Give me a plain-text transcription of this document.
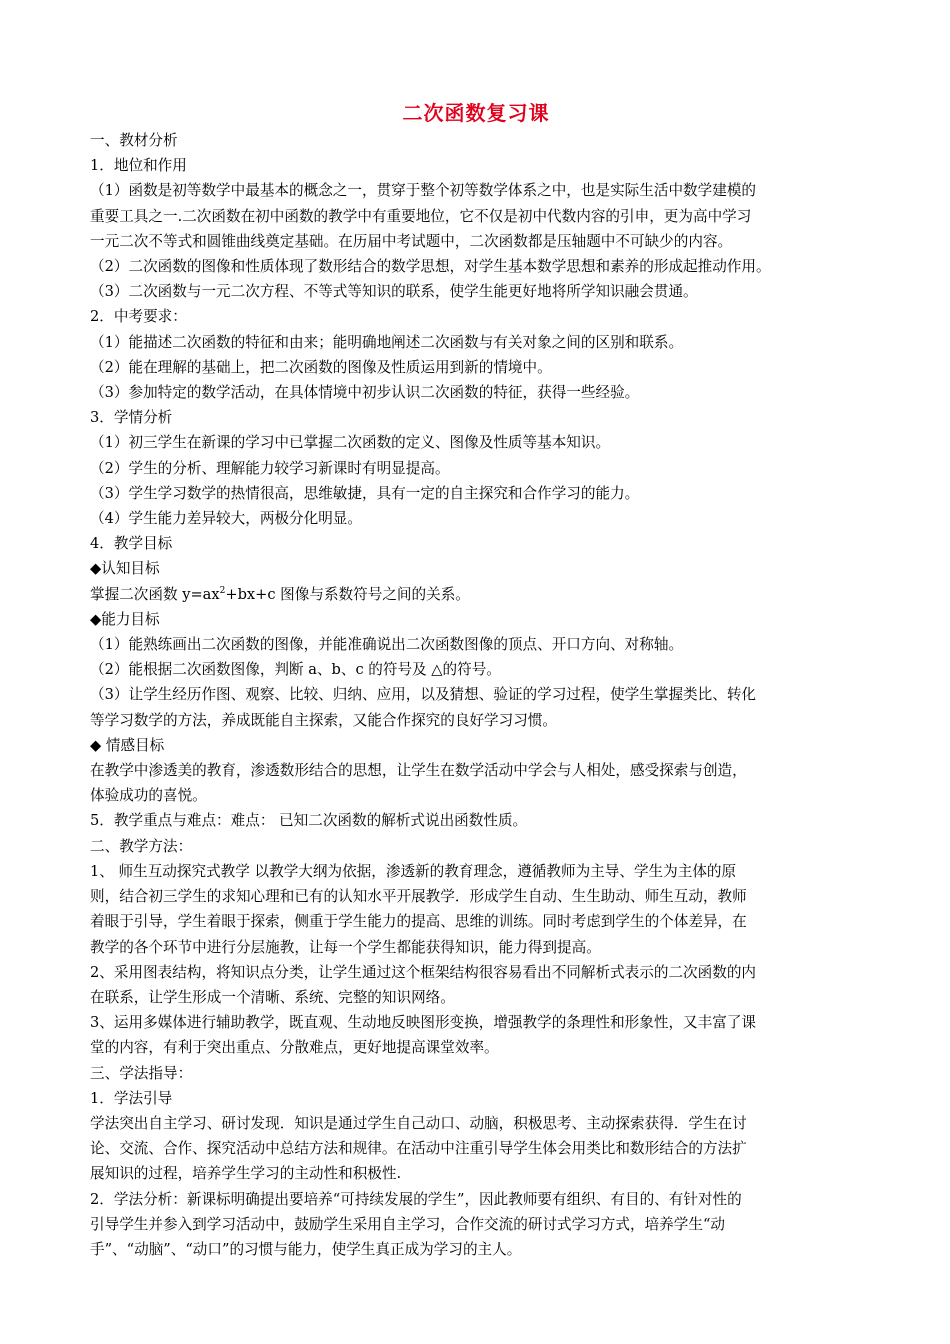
二次函数复习课
一、教材分析
1．地位和作用
（1）函数是初等数学中最基本的概念之一，贯穿于整个初等数学体系之中，也是实际生活中数学建模的
重要工具之一.二次函数在初中函数的教学中有重要地位，它不仅是初中代数内容的引申，更为高中学习
一元二次不等式和圆锥曲线奠定基础。在历届中考试题中，二次函数都是压轴题中不可缺少的内容。
（2）二次函数的图像和性质体现了数形结合的数学思想，对学生基本数学思想和素养的形成起推动作用。
（3）二次函数与一元二次方程、不等式等知识的联系，使学生能更好地将所学知识融会贯通。
2．中考要求：
（1）能描述二次函数的特征和由来；能明确地阐述二次函数与有关对象之间的区别和联系。
（2）能在理解的基础上，把二次函数的图像及性质运用到新的情境中。
（3）参加特定的数学活动，在具体情境中初步认识二次函数的特征，获得一些经验。
3．学情分析
（1）初三学生在新课的学习中已掌握二次函数的定义、图像及性质等基本知识。
（2）学生的分析、理解能力较学习新课时有明显提高。
（3）学生学习数学的热情很高，思维敏捷，具有一定的自主探究和合作学习的能力。
（4）学生能力差异较大，两极分化明显。
4．教学目标
◆认知目标
掌握二次函数 $y=ax^2+bx+c$ 图像与系数符号之间的关系。
◆能力目标
（1）能熟练画出二次函数的图像，并能准确说出二次函数图像的顶点、开口方向、对称轴。
（2）能根据二次函数图像，判断 a、b、c 的符号及 △的符号。
（3）让学生经历作图、观察、比较、归纳、应用，以及猜想、验证的学习过程，使学生掌握类比、转化
等学习数学的方法，养成既能自主探索，又能合作探究的良好学习习惯。
◆ 情感目标
在教学中渗透美的教育，渗透数形结合的思想，让学生在数学活动中学会与人相处，感受探索与创造，
体验成功的喜悦。
5．教学重点与难点：难点： 已知二次函数的解析式说出函数性质。
二、教学方法：
1、 师生互动探究式教学 以教学大纲为依据，渗透新的教育理念，遵循教师为主导、学生为主体的原
则，结合初三学生的求知心理和已有的认知水平开展教学．形成学生自动、生生助动、师生互动，教师
着眼于引导，学生着眼于探索，侧重于学生能力的提高、思维的训练。同时考虑到学生的个体差异，在
教学的各个环节中进行分层施教，让每一个学生都能获得知识，能力得到提高。
2、采用图表结构，将知识点分类，让学生通过这个框架结构很容易看出不同解析式表示的二次函数的内
在联系，让学生形成一个清晰、系统、完整的知识网络。
3、运用多媒体进行辅助教学，既直观、生动地反映图形变换，增强教学的条理性和形象性，又丰富了课
堂的内容，有利于突出重点、分散难点，更好地提高课堂效率。
三、学法指导：
1．学法引导
学法突出自主学习、研讨发现．知识是通过学生自己动口、动脑，积极思考、主动探索获得．学生在讨
论、交流、合作、探究活动中总结方法和规律。在活动中注重引导学生体会用类比和数形结合的方法扩
展知识的过程，培养学生学习的主动性和积极性.
2．学法分析：新课标明确提出要培养“可持续发展的学生”，因此教师要有组织、有目的、有针对性的
引导学生并参入到学习活动中，鼓励学生采用自主学习，合作交流的研讨式学习方式，培养学生“动
手”、“动脑”、“动口”的习惯与能力，使学生真正成为学习的主人。
